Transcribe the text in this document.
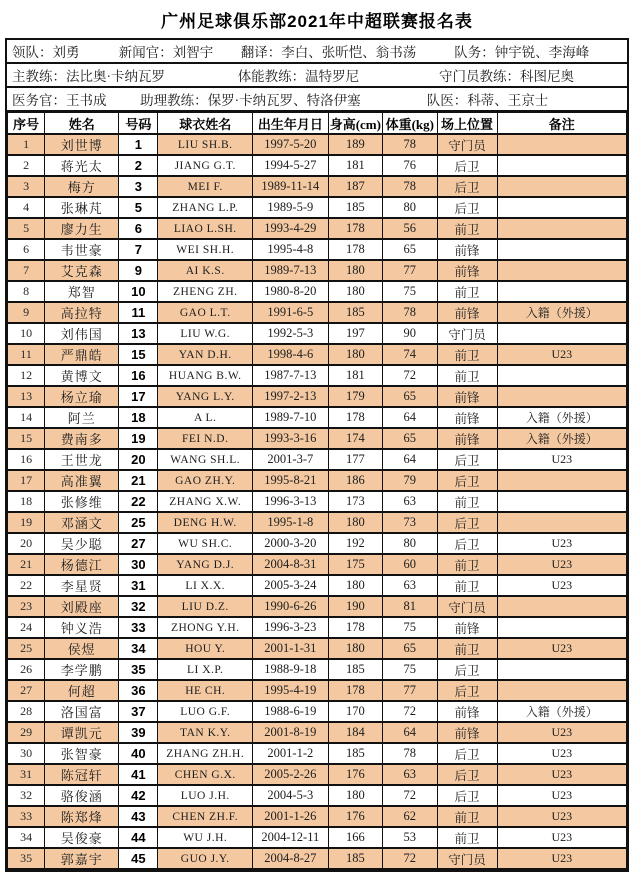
广州足球俱乐部2021年中超联赛报名表
领队：刘勇	新闻官：刘智宇	翻译：李白、张昕恺、翁书荡	队务：钟宇锐、李海峰
主教练：法比奥·卡纳瓦罗	体能教练：温特罗尼	守门员教练：科图尼奥
医务官：王书成	助理教练：保罗·卡纳瓦罗、特洛伊塞	队医：科蒂、王京士
序号	姓名	号码	球衣姓名	出生年月日	身高(cm)	体重(kg)	场上位置	备注
1	刘世博	1	LIU SH.B.	1997-5-20	189	78	守门员	
2	蒋光太	2	JIANG G.T.	1994-5-27	181	76	后卫	
3	梅方	3	MEI F.	1989-11-14	187	78	后卫	
4	张琳芃	5	ZHANG L.P.	1989-5-9	185	80	后卫	
5	廖力生	6	LIAO L.SH.	1993-4-29	178	56	前卫	
6	韦世豪	7	WEI SH.H.	1995-4-8	178	65	前锋	
7	艾克森	9	AI K.S.	1989-7-13	180	77	前锋	
8	郑智	10	ZHENG ZH.	1980-8-20	180	75	前卫	
9	高拉特	11	GAO L.T.	1991-6-5	185	78	前锋	入籍（外援）
10	刘伟国	13	LIU W.G.	1992-5-3	197	90	守门员	
11	严鼎皓	15	YAN D.H.	1998-4-6	180	74	前卫	U23
12	黄博文	16	HUANG B.W.	1987-7-13	181	72	前卫	
13	杨立瑜	17	YANG L.Y.	1997-2-13	179	65	前锋	
14	阿兰	18	A L.	1989-7-10	178	64	前锋	入籍（外援）
15	费南多	19	FEI N.D.	1993-3-16	174	65	前锋	入籍（外援）
16	王世龙	20	WANG SH.L.	2001-3-7	177	64	后卫	U23
17	高准翼	21	GAO ZH.Y.	1995-8-21	186	79	后卫	
18	张修维	22	ZHANG X.W.	1996-3-13	173	63	前卫	
19	邓涵文	25	DENG H.W.	1995-1-8	180	73	后卫	
20	吴少聪	27	WU SH.C.	2000-3-20	192	80	后卫	U23
21	杨德江	30	YANG D.J.	2004-8-31	175	60	前卫	U23
22	李星贤	31	LI X.X.	2005-3-24	180	63	前卫	U23
23	刘殿座	32	LIU D.Z.	1990-6-26	190	81	守门员	
24	钟义浩	33	ZHONG Y.H.	1996-3-23	178	75	前锋	
25	侯煜	34	HOU Y.	2001-1-31	180	65	前卫	U23
26	李学鹏	35	LI X.P.	1988-9-18	185	75	后卫	
27	何超	36	HE CH.	1995-4-19	178	77	后卫	
28	洛国富	37	LUO G.F.	1988-6-19	170	72	前锋	入籍（外援）
29	谭凯元	39	TAN K.Y.	2001-8-19	184	64	前锋	U23
30	张智豪	40	ZHANG ZH.H.	2001-1-2	185	78	后卫	U23
31	陈冠轩	41	CHEN G.X.	2005-2-26	176	63	后卫	U23
32	骆俊涵	42	LUO J.H.	2004-5-3	180	72	后卫	U23
33	陈郑烽	43	CHEN ZH.F.	2001-1-26	176	62	前卫	U23
34	吴俊豪	44	WU J.H.	2004-12-11	166	53	前卫	U23
35	郭嘉宇	45	GUO J.Y.	2004-8-27	185	72	守门员	U23
